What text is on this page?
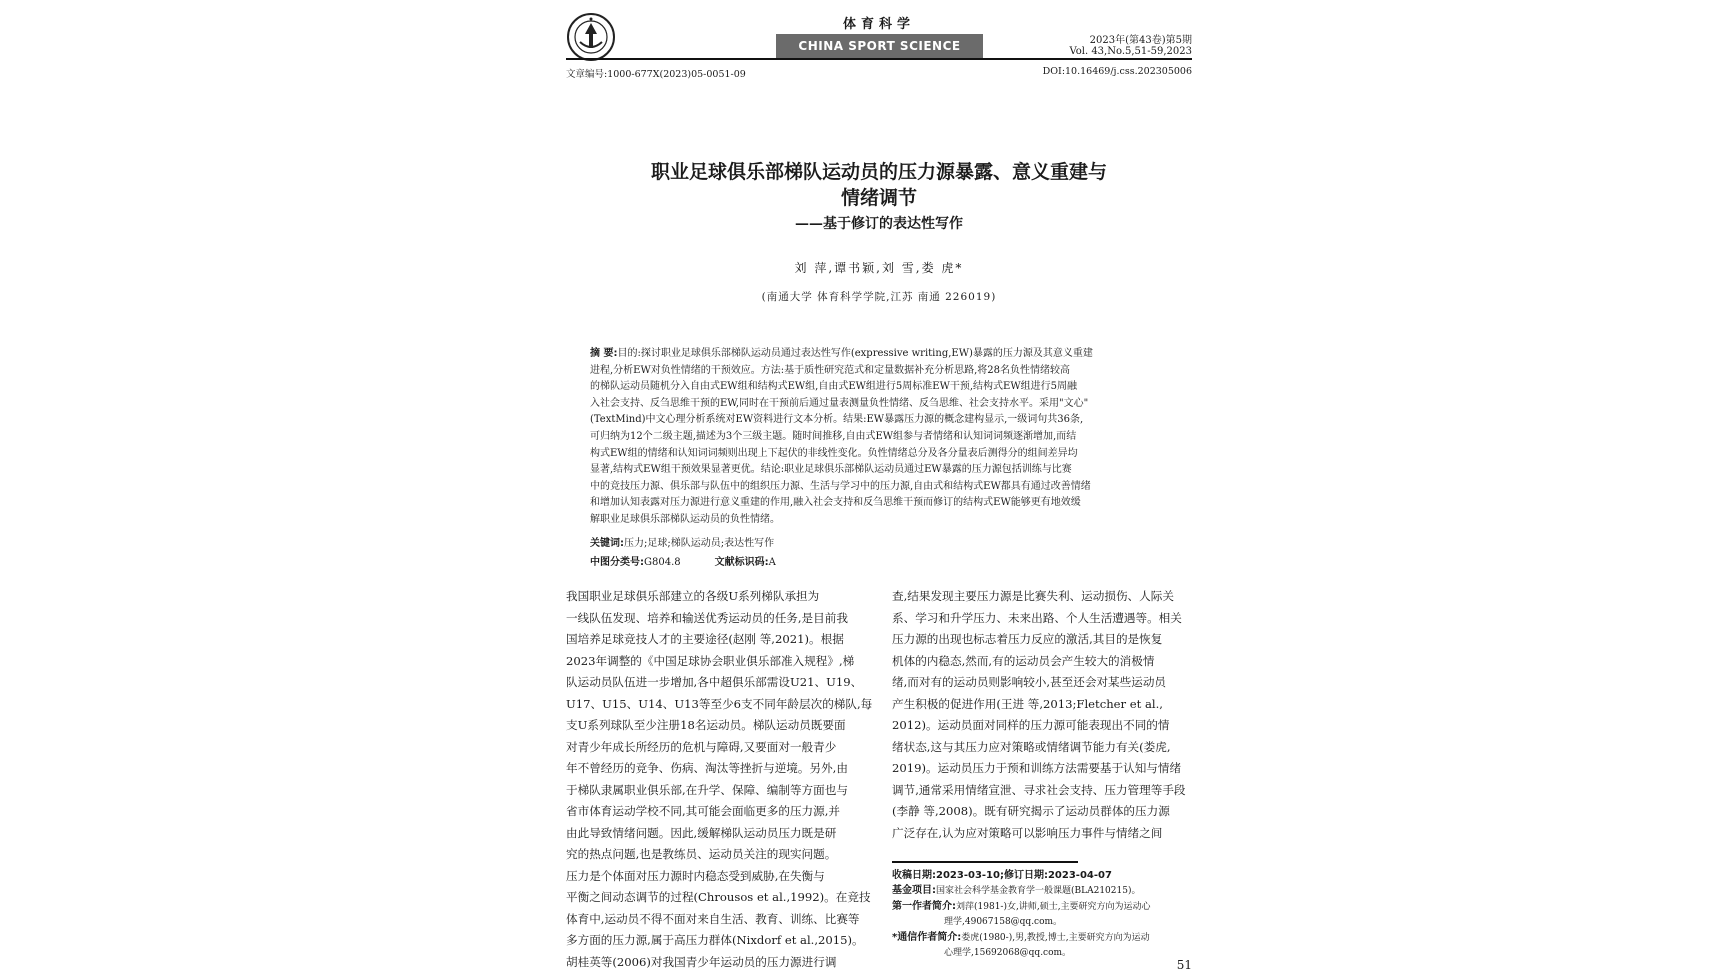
体育科学
CHINA SPORT SCIENCE	2023年(第43卷)第5期
Vol. 43,No.5,51-59,2023
文章编号:1000-677X(2023)05-0051-09	DOI:10.16469/j.css.202305006
职业足球俱乐部梯队运动员的压力源暴露、意义重建与
情绪调节
——基于修订的表达性写作
刘 萍,谭书颖,刘 雪,娄 虎*
(南通大学 体育科学学院,江苏 南通 226019)
摘 要:目的:探讨职业足球俱乐部梯队运动员通过表达性写作(expressive writing,EW)暴露的压力源及其意义重建
进程,分析EW对负性情绪的干预效应。方法:基于质性研究范式和定量数据补充分析思路,将28名负性情绪较高
的梯队运动员随机分入自由式EW组和结构式EW组,自由式EW组进行5周标准EW干预,结构式EW组进行5周融
入社会支持、反刍思维干预的EW,同时在干预前后通过量表测量负性情绪、反刍思维、社会支持水平。采用"文心"
(TextMind)中文心理分析系统对EW资料进行文本分析。结果:EW暴露压力源的概念建构显示,一级词句共36条,
可归纳为12个二级主题,描述为3个三级主题。随时间推移,自由式EW组参与者情绪和认知词词频逐渐增加,而结
构式EW组的情绪和认知词词频则出现上下起伏的非线性变化。负性情绪总分及各分量表后测得分的组间差异均
显著,结构式EW组干预效果显著更优。结论:职业足球俱乐部梯队运动员通过EW暴露的压力源包括训练与比赛
中的竞技压力源、俱乐部与队伍中的组织压力源、生活与学习中的压力源,自由式和结构式EW都具有通过改善情绪
和增加认知表露对压力源进行意义重建的作用,融入社会支持和反刍思维干预而修订的结构式EW能够更有地效缓
解职业足球俱乐部梯队运动员的负性情绪。
关键词:压力;足球;梯队运动员;表达性写作
中图分类号:G804.8	文献标识码:A
我国职业足球俱乐部建立的各级U系列梯队承担为
一线队伍发现、培养和输送优秀运动员的任务,是目前我
国培养足球竞技人才的主要途径(赵刚 等,2021)。根据
2023年调整的《中国足球协会职业俱乐部准入规程》,梯
队运动员队伍进一步增加,各中超俱乐部需设U21、U19、
U17、U15、U14、U13等至少6支不同年龄层次的梯队,每
支U系列球队至少注册18名运动员。梯队运动员既要面
对青少年成长所经历的危机与障碍,又要面对一般青少
年不曾经历的竞争、伤病、淘汰等挫折与逆境。另外,由
于梯队隶属职业俱乐部,在升学、保障、编制等方面也与
省市体育运动学校不同,其可能会面临更多的压力源,并
由此导致情绪问题。因此,缓解梯队运动员压力既是研
究的热点问题,也是教练员、运动员关注的现实问题。
压力是个体面对压力源时内稳态受到威胁,在失衡与
平衡之间动态调节的过程(Chrousos et al.,1992)。在竞技
体育中,运动员不得不面对来自生活、教育、训练、比赛等
多方面的压力源,属于高压力群体(Nixdorf et al.,2015)。
胡桂英等(2006)对我国青少年运动员的压力源进行调
查,结果发现主要压力源是比赛失利、运动损伤、人际关
系、学习和升学压力、未来出路、个人生活遭遇等。相关
压力源的出现也标志着压力反应的激活,其目的是恢复
机体的内稳态,然而,有的运动员会产生较大的消极情
绪,而对有的运动员则影响较小,甚至还会对某些运动员
产生积极的促进作用(王进 等,2013;Fletcher et al.,
2012)。运动员面对同样的压力源可能表现出不同的情
绪状态,这与其压力应对策略或情绪调节能力有关(娄虎,
2019)。运动员压力于预和训练方法需要基于认知与情绪
调节,通常采用情绪宣泄、寻求社会支持、压力管理等手段
(李静 等,2008)。既有研究揭示了运动员群体的压力源
广泛存在,认为应对策略可以影响压力事件与情绪之间
收稿日期:2023-03-10;修订日期:2023-04-07
基金项目:国家社会科学基金教育学一般课题(BLA210215)。
第一作者简介:刘萍(1981-)女,讲师,硕士,主要研究方向为运动心
理学,49067158@qq.com。
*通信作者简介:娄虎(1980-),男,教授,博士,主要研究方向为运动
心理学,15692068@qq.com。
51
